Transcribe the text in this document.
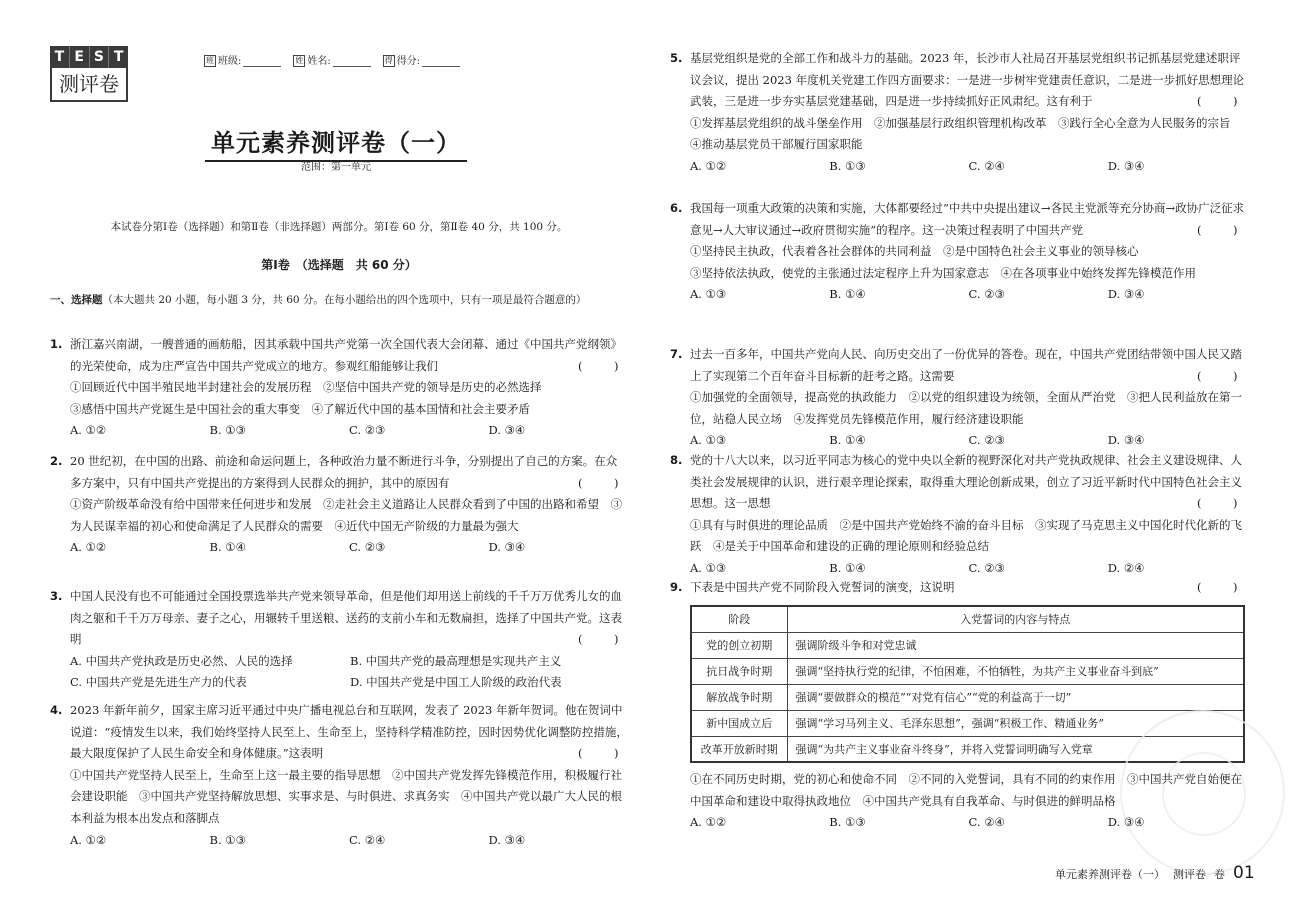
T E S T
测评卷
班 班级:	姓 姓名:	得 得分:
单元素养测评卷（一）
范围：第一单元
本试卷分第Ⅰ卷（选择题）和第Ⅱ卷（非选择题）两部分。第Ⅰ卷 60 分，第Ⅱ卷 40 分，共 100 分。
第Ⅰ卷　（选择题　共 60 分）
一、选择题（本大题共 20 小题，每小题 3 分，共 60 分。在每小题给出的四个选项中，只有一项是最符合题意的）
1. 浙江嘉兴南湖，一艘普通的画舫船，因其承载中国共产党第一次全国代表大会闭幕、通过《中国共产党纲领》的光荣使命，成为庄严宣告中国共产党成立的地方。参观红船能够让我们	(　)
①回顾近代中国半殖民地半封建社会的发展历程　②坚信中国共产党的领导是历史的必然选择
③感悟中国共产党诞生是中国社会的重大事变　④了解近代中国的基本国情和社会主要矛盾
A. ①②	B. ①③	C. ②③	D. ③④
2. 20 世纪初，在中国的出路、前途和命运问题上，各种政治力量不断进行斗争，分别提出了自己的方案。在众多方案中，只有中国共产党提出的方案得到人民群众的拥护，其中的原因有	(　)
①资产阶级革命没有给中国带来任何进步和发展　②走社会主义道路让人民群众看到了中国的出路和希望　③为人民谋幸福的初心和使命满足了人民群众的需要　④近代中国无产阶级的力量最为强大
A. ①②	B. ①④	C. ②③	D. ③④
3. 中国人民没有也不可能通过全国投票选举共产党来领导革命，但是他们却用送上前线的千千万万优秀儿女的血肉之躯和千千万万母亲、妻子之心，用辗转千里送粮、送药的支前小车和无数扁担，选择了中国共产党。这表明	(　)
A. 中国共产党执政是历史必然、人民的选择	B. 中国共产党的最高理想是实现共产主义
C. 中国共产党是先进生产力的代表	D. 中国共产党是中国工人阶级的政治代表
4. 2023 年新年前夕，国家主席习近平通过中央广播电视总台和互联网，发表了 2023 年新年贺词。他在贺词中说道：“疫情发生以来，我们始终坚持人民至上、生命至上，坚持科学精准防控，因时因势优化调整防控措施，最大限度保护了人民生命安全和身体健康。”这表明	(　)
①中国共产党坚持人民至上，生命至上这一最主要的指导思想　②中国共产党发挥先锋模范作用，积极履行社会建设职能　③中国共产党坚持解放思想、实事求是、与时俱进、求真务实　④中国共产党以最广大人民的根本利益为根本出发点和落脚点
A. ①②	B. ①③	C. ②④	D. ③④
5. 基层党组织是党的全部工作和战斗力的基础。2023 年，长沙市人社局召开基层党组织书记抓基层党建述职评议会议，提出 2023 年度机关党建工作四方面要求：一是进一步树牢党建责任意识，二是进一步抓好思想理论武装，三是进一步夯实基层党建基础，四是进一步持续抓好正风肃纪。这有利于	(　)
①发挥基层党组织的战斗堡垒作用　②加强基层行政组织管理机构改革　③践行全心全意为人民服务的宗旨　④推动基层党员干部履行国家职能
A. ①②	B. ①③	C. ②④	D. ③④
6. 我国每一项重大政策的决策和实施，大体都要经过“中共中央提出建议→各民主党派等充分协商→政协广泛征求意见→人大审议通过→政府贯彻实施”的程序。这一决策过程表明了中国共产党	(　)
①坚持民主执政，代表着各社会群体的共同利益　②是中国特色社会主义事业的领导核心
③坚持依法执政，使党的主张通过法定程序上升为国家意志　④在各项事业中始终发挥先锋模范作用
A. ①③	B. ①④	C. ②③	D. ③④
7. 过去一百多年，中国共产党向人民、向历史交出了一份优异的答卷。现在，中国共产党团结带领中国人民又踏上了实现第二个百年奋斗目标新的赶考之路。这需要	(　)
①加强党的全面领导，提高党的执政能力　②以党的组织建设为统领，全面从严治党　③把人民利益放在第一位，站稳人民立场　④发挥党员先锋模范作用，履行经济建设职能
A. ①③	B. ①④	C. ②③	D. ③④
8. 党的十八大以来，以习近平同志为核心的党中央以全新的视野深化对共产党执政规律、社会主义建设规律、人类社会发展规律的认识，进行艰辛理论探索，取得重大理论创新成果，创立了习近平新时代中国特色社会主义思想。这一思想	(　)
①具有与时俱进的理论品质　②是中国共产党始终不渝的奋斗目标　③实现了马克思主义中国化时代化新的飞跃　④是关于中国革命和建设的正确的理论原则和经验总结
A. ①③	B. ①④	C. ②③	D. ②④
9. 下表是中国共产党不同阶段入党誓词的演变，这说明	(　)
阶段	入党誓词的内容与特点
党的创立初期	强调阶级斗争和对党忠诚
抗日战争时期	强调“坚持执行党的纪律，不怕困难，不怕牺牲，为共产主义事业奋斗到底”
解放战争时期	强调“要做群众的模范”“对党有信心”“党的利益高于一切”
新中国成立后	强调“学习马列主义、毛泽东思想”，强调“积极工作、精通业务”
改革开放新时期	强调“为共产主义事业奋斗终身”，并将入党誓词明确写入党章
①在不同历史时期，党的初心和使命不同　②不同的入党誓词，具有不同的约束作用　③中国共产党自始便在中国革命和建设中取得执政地位　④中国共产党具有自我革命、与时俱进的鲜明品格
A. ①②	B. ①③	C. ②④	D. ③④
单元素养测评卷（一） 测评卷 卷 01
